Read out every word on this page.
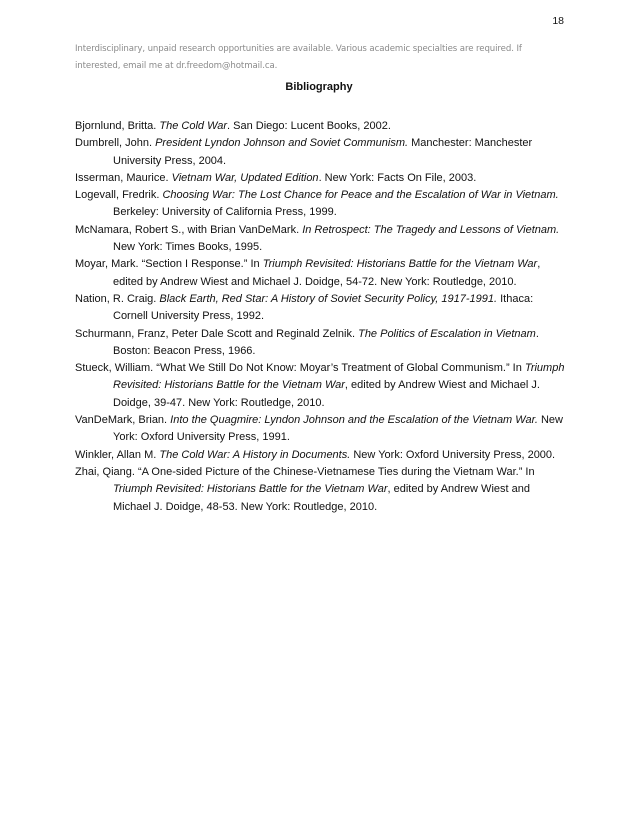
18
Interdisciplinary, unpaid research opportunities are available. Various academic specialties are required. If interested, email me at dr.freedom@hotmail.ca.
Bibliography
Bjornlund, Britta. The Cold War. San Diego: Lucent Books, 2002.
Dumbrell, John. President Lyndon Johnson and Soviet Communism. Manchester: Manchester University Press, 2004.
Isserman, Maurice. Vietnam War, Updated Edition. New York: Facts On File, 2003.
Logevall, Fredrik. Choosing War: The Lost Chance for Peace and the Escalation of War in Vietnam. Berkeley: University of California Press, 1999.
McNamara, Robert S., with Brian VanDeMark. In Retrospect: The Tragedy and Lessons of Vietnam. New York: Times Books, 1995.
Moyar, Mark. “Section I Response.” In Triumph Revisited: Historians Battle for the Vietnam War, edited by Andrew Wiest and Michael J. Doidge, 54-72. New York: Routledge, 2010.
Nation, R. Craig. Black Earth, Red Star: A History of Soviet Security Policy, 1917-1991. Ithaca: Cornell University Press, 1992.
Schurmann, Franz, Peter Dale Scott and Reginald Zelnik. The Politics of Escalation in Vietnam. Boston: Beacon Press, 1966.
Stueck, William. “What We Still Do Not Know: Moyar’s Treatment of Global Communism.” In Triumph Revisited: Historians Battle for the Vietnam War, edited by Andrew Wiest and Michael J. Doidge, 39-47. New York: Routledge, 2010.
VanDeMark, Brian. Into the Quagmire: Lyndon Johnson and the Escalation of the Vietnam War. New York: Oxford University Press, 1991.
Winkler, Allan M. The Cold War: A History in Documents. New York: Oxford University Press, 2000.
Zhai, Qiang. “A One-sided Picture of the Chinese-Vietnamese Ties during the Vietnam War.” In Triumph Revisited: Historians Battle for the Vietnam War, edited by Andrew Wiest and Michael J. Doidge, 48-53. New York: Routledge, 2010.
